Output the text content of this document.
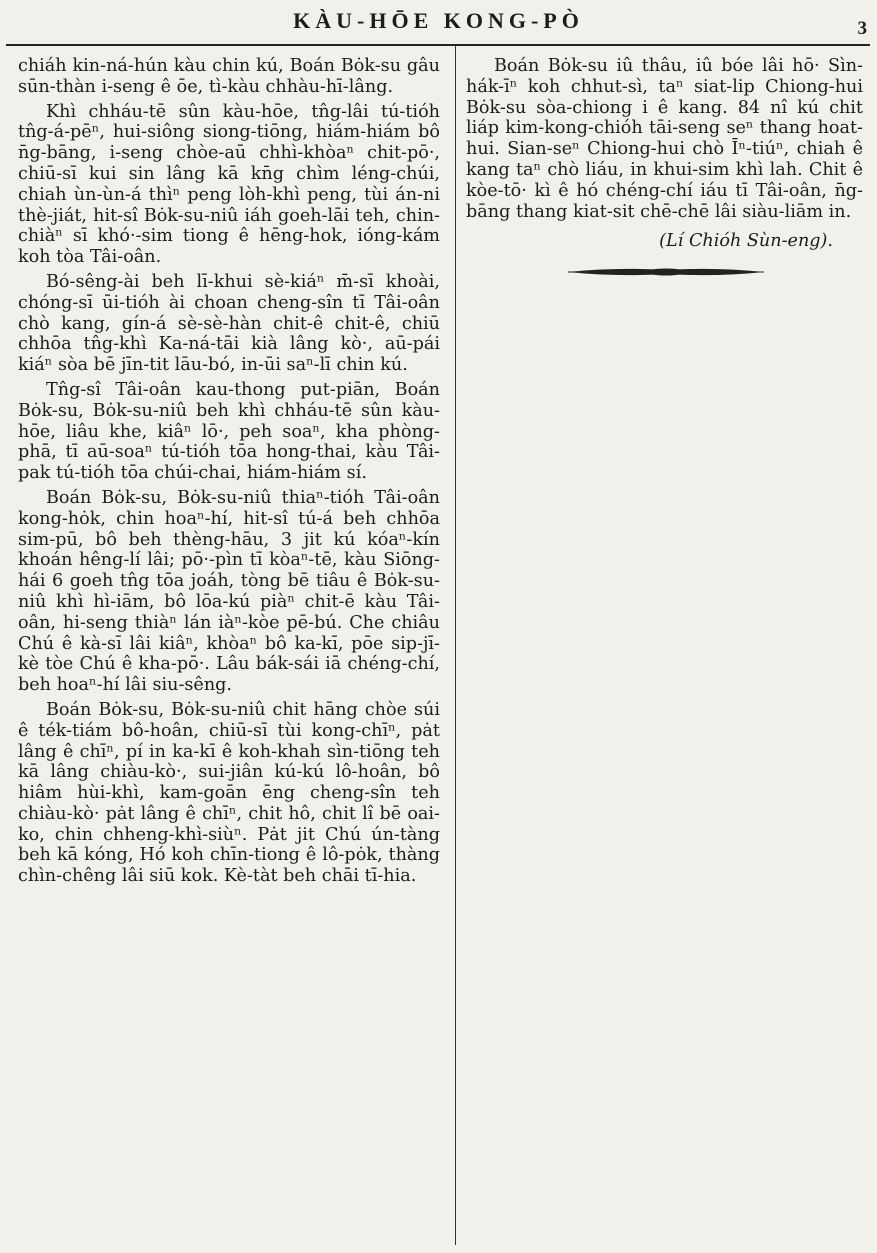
KÀU-HŌE KONG-PÒ	3

chiáh kin-ná-hún kàu chin kú, Boán Bȯk-su gâu sūn-thàn i-seng ê ōe, tì-kàu chhàu-hī-lâng.

Khì chháu-tē sûn kàu-hōe, tn̂g-lâi tú-tióh tn̂g-á-pēⁿ, hui-siông siong-tiōng, hiám-hiám bô n̄g-bāng, i-seng chòe-aū chhì-khòaⁿ chit-pō·, chiū-sī kui sin lâng kā kn̄g chìm léng-chúi, chiah ùn-ùn-á thìⁿ peng lòh-khì peng, tùi án-ni thè-jiát, hit-sî Bȯk-su-niû iáh goeh-lāi teh, chin-chiàⁿ sī khó·-sim tiong ê hēng-hok, ióng-kám koh tòa Tâi-oân.

Bó-sêng-ài beh lī-khui sè-kiáⁿ m̄-sī khoài, chóng-sī ūi-tióh ài choan cheng-sîn tī Tâi-oân chò kang, gín-á sè-sè-hàn chit-ê chit-ê, chiū chhōa tn̂g-khì Ka-ná-tāi kià lâng kò·, aū-pái kiáⁿ sòa bē jīn-tit lāu-bó, in-ūi saⁿ-lī chin kú.

Tn̂g-sî Tâi-oân kau-thong put-piān, Boán Bȯk-su, Bȯk-su-niû beh khì chháu-tē sûn kàu-hōe, liâu khe, kiâⁿ lō·, peh soaⁿ, kha phòng-phā, tī aū-soaⁿ tú-tióh tōa hong-thai, kàu Tâi-pak tú-tióh tōa chúi-chai, hiám-hiám sí.

Boán Bȯk-su, Bȯk-su-niû thiaⁿ-tióh Tâi-oân kong-hȯk, chin hoaⁿ-hí, hit-sî tú-á beh chhōa sim-pū, bô beh thèng-hāu, 3 jit kú kóaⁿ-kín khoán hêng-lí lâi; pō·-pìn tī kòaⁿ-tē, kàu Siōng-hái 6 goeh tn̂g tōa joáh, tòng bē tiâu ê Bȯk-su-niû khì hì-iām, bô lōa-kú piàⁿ chit-ē kàu Tâi-oân, hi-seng thiàⁿ lán iàⁿ-kòe pē-bú. Che chiâu Chú ê kà-sī lâi kiâⁿ, khòaⁿ bô ka-kī, pōe sip-jī-kè tòe Chú ê kha-pō·. Lâu bák-sái iā chéng-chí, beh hoaⁿ-hí lâi siu-sêng.

Boán Bȯk-su, Bȯk-su-niû chit hāng chòe súi ê ték-tiám bô-hoân, chiū-sī tùi kong-chīⁿ, pȧt lâng ê chīⁿ, pí in ka-kī ê koh-khah sìn-tiōng teh kā lâng chiàu-kò·, sui-jiân kú-kú lô-hoân, bô hiâm hùi-khì, kam-goān ēng cheng-sîn teh chiàu-kò· pȧt lâng ê chīⁿ, chit hô, chit lî bē oai-ko, chin chheng-khì-siùⁿ. Pȧt jit Chú ún-tàng beh kā kóng, Hó koh chīn-tiong ê lô-pȯk, thàng chìn-chêng lâi siū kok. Kè-tàt beh chāi tī-hia.

Boán Bȯk-su iû thâu, iû bóe lâi hō· Sìn-hák-īⁿ koh chhut-sì, taⁿ siat-lip Chiong-hui Bȯk-su sòa-chiong i ê kang. 84 nî kú chit liáp kim-kong-chióh tāi-seng seⁿ thang hoat-hui. Sian-seⁿ Chiong-hui chò Īⁿ-tiúⁿ, chiah ê kang taⁿ chò liáu, in khui-sim khì lah. Chit ê kòe-tō· kì ê hó chéng-chí iáu tī Tâi-oân, n̄g-bāng thang kiat-sit chē-chē lâi siàu-liām in.

(Lí Chióh Sùn-eng).
